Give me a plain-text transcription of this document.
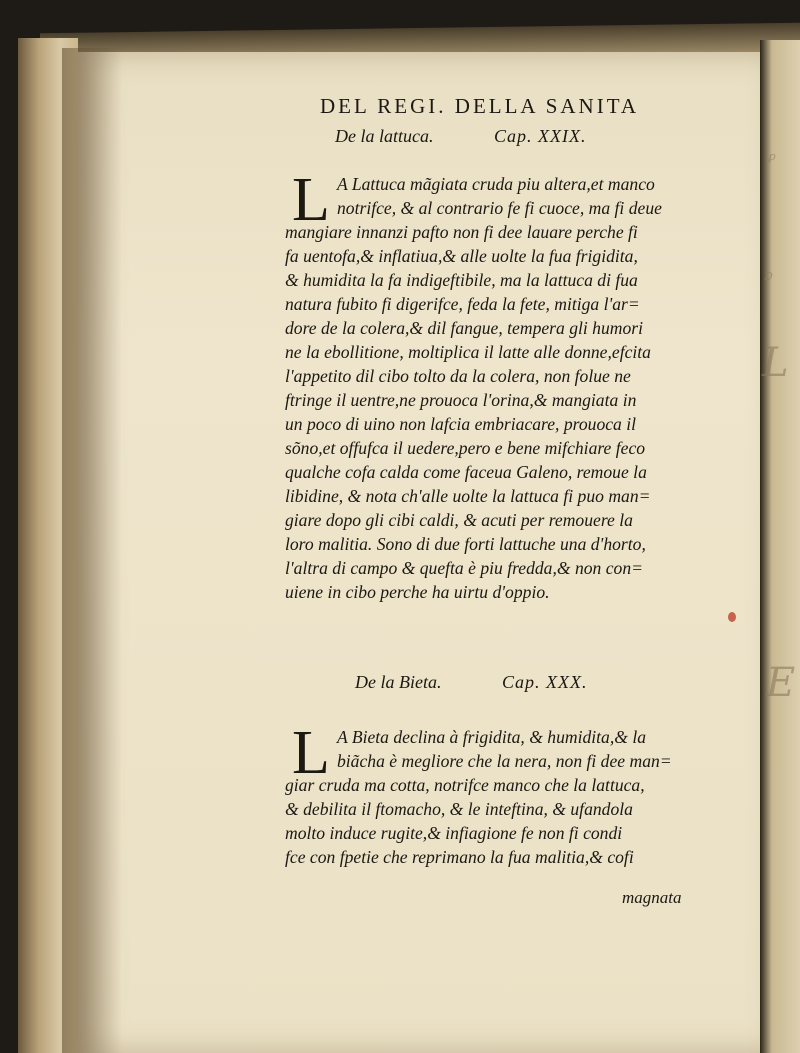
ꝑ
D
L
E
DEL REGI. DELLA SANITA
De la lattuca.	Cap. XXIX.
L A Lattuca mãgiata cruda piu altera,et manco
notrifce, & al contrario fe fi cuoce, ma fi deue
mangiare innanzi pafto non fi dee lauare perche fi
fa uentofa,& inflatiua,& alle uolte la fua frigidita,
& humidita la fa indigeftibile, ma la lattuca di fua
natura fubito fi digerifce, feda la fete, mitiga l'ar=
dore de la colera,& dil fangue, tempera gli humori
ne la ebollitione, moltiplica il latte alle donne,efcita
l'appetito dil cibo tolto da la colera, non folue ne
ftringe il uentre,ne prouoca l'orina,& mangiata in
un poco di uino non lafcia embriacare, prouoca il
sõno,et offufca il uedere,pero e bene mifchiare feco
qualche cofa calda come faceua Galeno, remoue la
libidine, & nota ch'alle uolte la lattuca fi puo man=
giare dopo gli cibi caldi, & acuti per remouere la
loro malitia. Sono di due forti lattuche una d'horto,
l'altra di campo & quefta è piu fredda,& non con=
uiene in cibo perche ha uirtu d'oppio.
De la Bieta.	Cap. XXX.
L A Bieta declina à frigidita, & humidita,& la
biãcha è megliore che la nera, non fi dee man=
giar cruda ma cotta, notrifce manco che la lattuca,
& debilita il ftomacho, & le inteftina, & ufandola
molto induce rugite,& infiagione fe non fi condi
fce con fpetie che reprimano la fua malitia,& cofi
magnata
